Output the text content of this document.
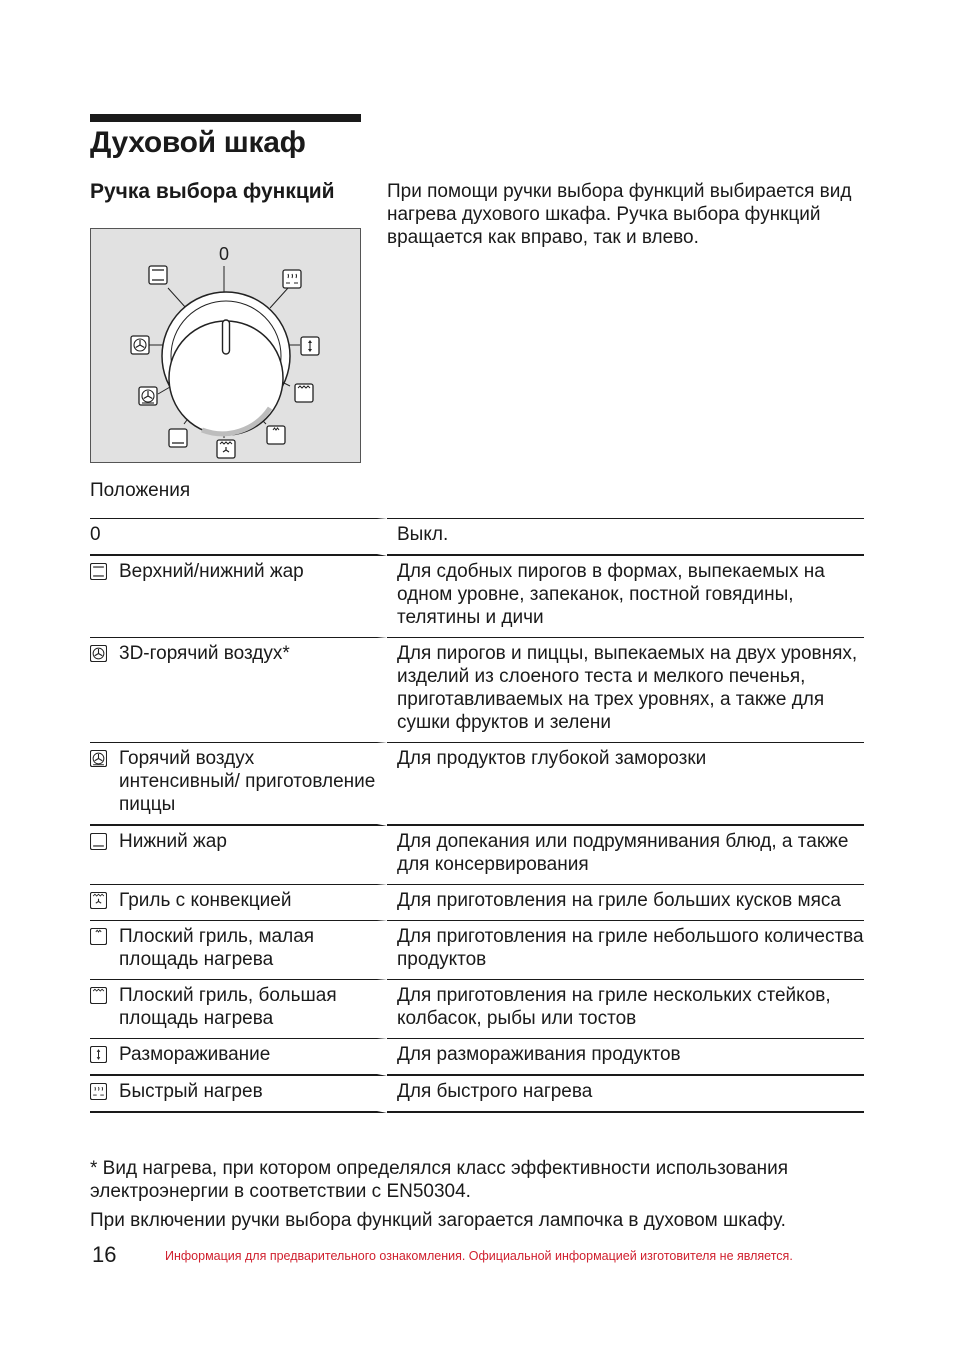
Духовой шкаф
Ручка выбора функций	При помощи ручки выбора функций выбирается вид нагрева духового шкафа. Ручка выбора функций вращается как вправо, так и влево.

0
Положения
0	Выкл.

Верхний/нижний жар	Для сдобных пирогов в формах, выпекаемых на одном уровне, запеканок, постной говядины, телятины и дичи

3D-горячий воздух*	Для пирогов и пиццы, выпекаемых на двух уровнях, изделий из слоеного теста и мелкого печенья, приготавливаемых на трех уровнях, а также для сушки фруктов и зелени

Горячий воздух интенсивный/ приготовление пиццы	Для продуктов глубокой заморозки

Нижний жар	Для допекания или подрумянивания блюд, а также для консервирования

Гриль с конвекцией	Для приготовления на гриле больших кусков мяса

Плоский гриль, малая площадь нагрева	Для приготовления на гриле небольшого количества продуктов

Плоский гриль, большая площадь нагрева	Для приготовления на гриле нескольких стейков, колбасок, рыбы или тостов

Размораживание	Для размораживания продуктов

Быстрый нагрев	Для быстрого нагрева

* Вид нагрева, при котором определялся класс эффективности использования электроэнергии в соответствии с EN50304.

При включении ручки выбора функций загорается лампочка в духовом шкафу.

16	Информация для предварительного ознакомления. Официальной информацией изготовителя не является.
